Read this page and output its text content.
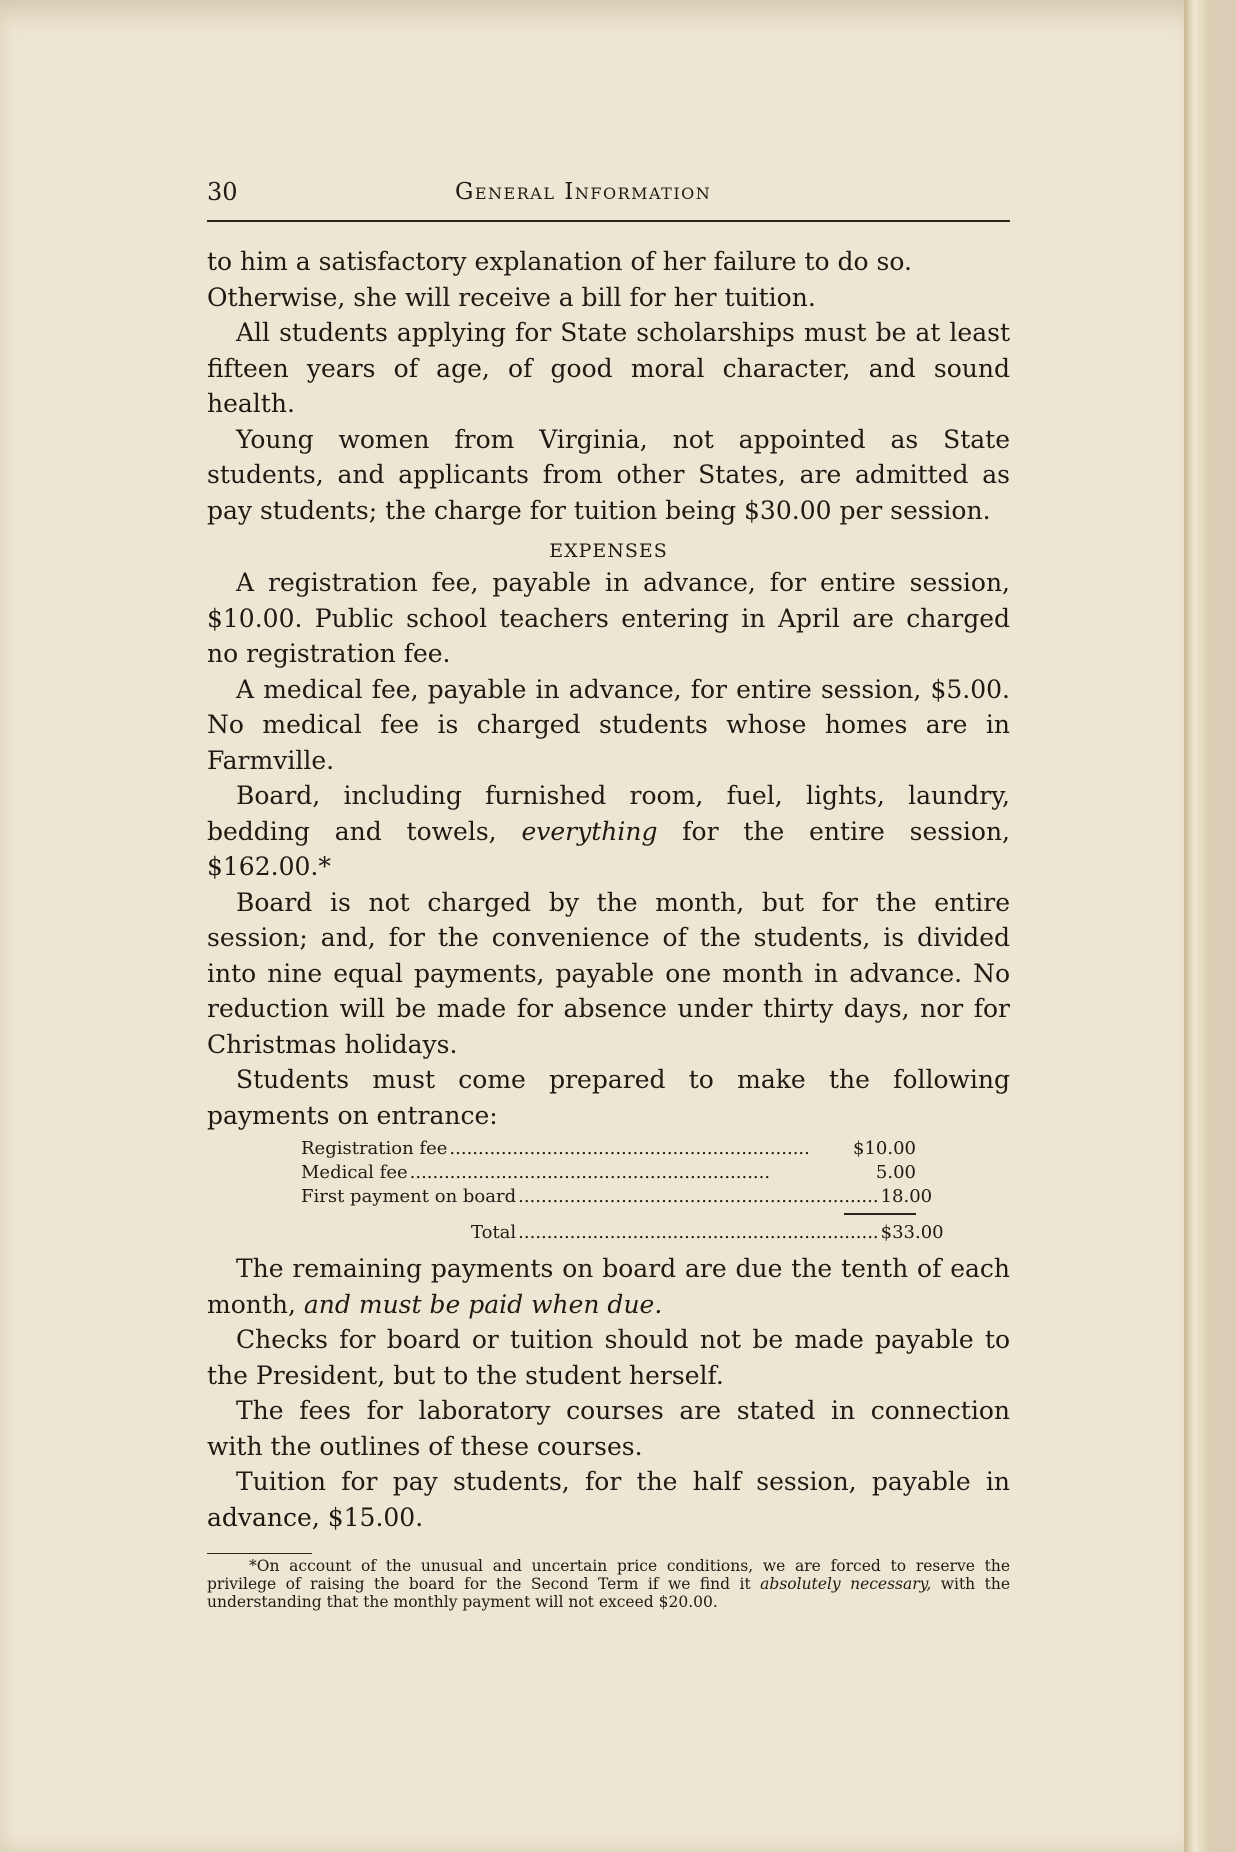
30	General Information

to him a satisfactory explanation of her failure to do so.
Otherwise, she will receive a bill for her tuition.

All students applying for State scholarships must be at least fifteen years of age, of good moral character, and sound health.

Young women from Virginia, not appointed as State students, and applicants from other States, are admitted as pay students; the charge for tuition being $30.00 per session.

EXPENSES

A registration fee, payable in advance, for entire session, $10.00. Public school teachers entering in April are charged no registration fee.

A medical fee, payable in advance, for entire session, $5.00. No medical fee is charged students whose homes are in Farmville.

Board, including furnished room, fuel, lights, laundry, bedding and towels, everything for the entire session, $162.00.*

Board is not charged by the month, but for the entire session; and, for the convenience of the students, is divided into nine equal payments, payable one month in advance. No reduction will be made for absence under thirty days, nor for Christmas holidays.

Students must come prepared to make the following payments on entrance:

Registration fee ...............................................................	$10.00
Medical fee ...............................................................	5.00
First payment on board ............................................................... 18.00
Total ............................................................... $33.00

The remaining payments on board are due the tenth of each month, and must be paid when due.

Checks for board or tuition should not be made payable to the President, but to the student herself.

The fees for laboratory courses are stated in connection with the outlines of these courses.

Tuition for pay students, for the half session, payable in advance, $15.00.

*On account of the unusual and uncertain price conditions, we are forced to reserve the privilege of raising the board for the Second Term if we find it absolutely necessary, with the understanding that the monthly payment will not exceed $20.00.
